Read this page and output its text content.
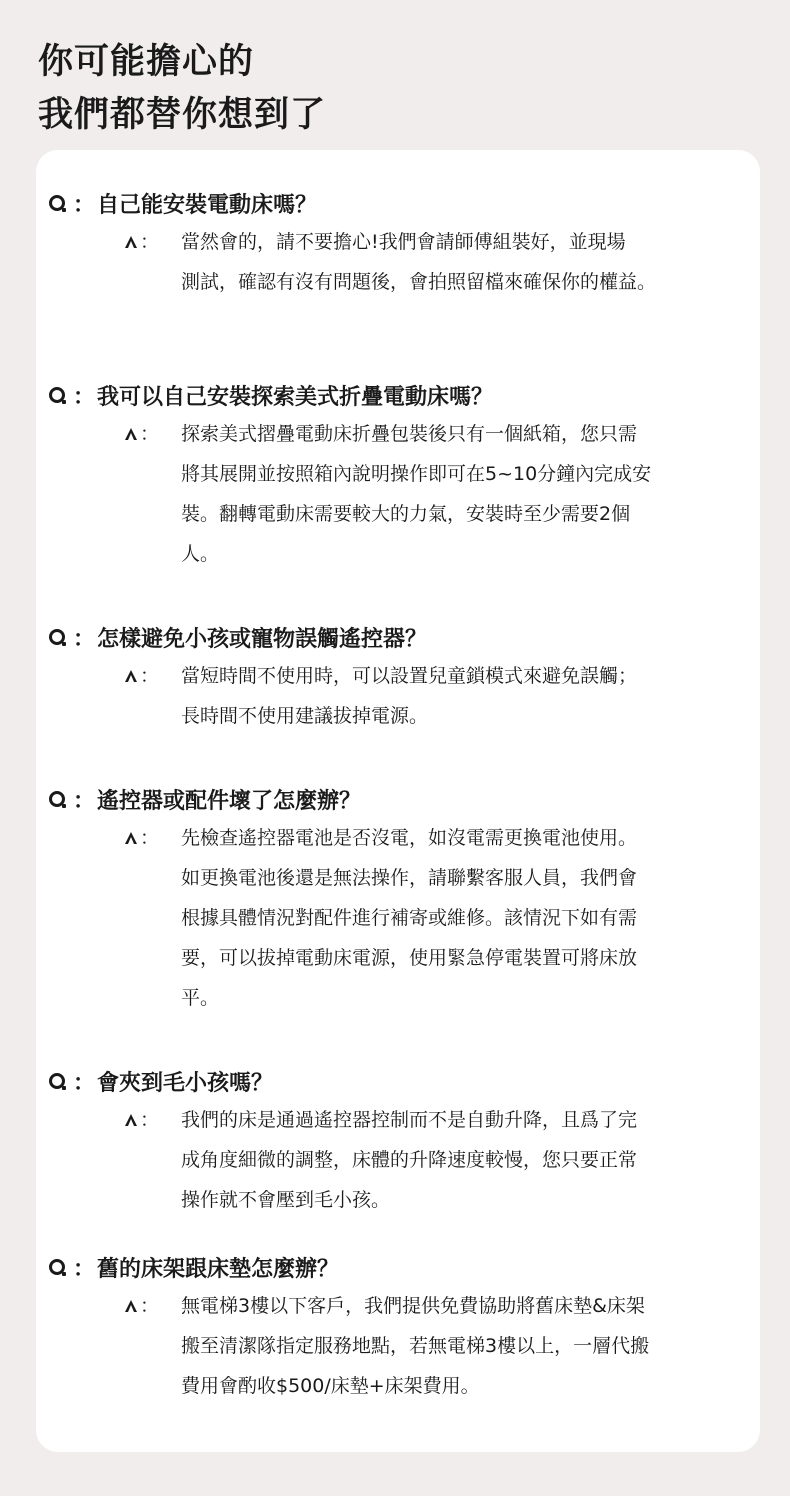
你可能擔心的
我們都替你想到了
： 自己能安裝電動床嗎？
： 當然會的，請不要擔心!我們會請師傅組裝好，並現場
測試，確認有沒有問題後，會拍照留檔來確保你的權益。
： 我可以自己安裝探索美式折疊電動床嗎？
： 探索美式摺疊電動床折疊包裝後只有一個紙箱，您只需
將其展開並按照箱內說明操作即可在5~10分鐘內完成安
裝。翻轉電動床需要較大的力氣，安裝時至少需要2個
人。
： 怎樣避免小孩或寵物誤觸遙控器？
： 當短時間不使用時，可以設置兒童鎖模式來避免誤觸；
長時間不使用建議拔掉電源。
： 遙控器或配件壞了怎麼辦？
： 先檢查遙控器電池是否沒電，如沒電需更換電池使用。
如更換電池後還是無法操作，請聯繫客服人員，我們會
根據具體情況對配件進行補寄或維修。該情況下如有需
要，可以拔掉電動床電源，使用緊急停電裝置可將床放
平。
： 會夾到毛小孩嗎？
： 我們的床是通過遙控器控制而不是自動升降，且爲了完
成角度細微的調整，床體的升降速度較慢，您只要正常
操作就不會壓到毛小孩。
： 舊的床架跟床墊怎麼辦？
： 無電梯3樓以下客戶，我們提供免費協助將舊床墊&床架
搬至清潔隊指定服務地點，若無電梯3樓以上，一層代搬
費用會酌收$500/床墊+床架費用。
